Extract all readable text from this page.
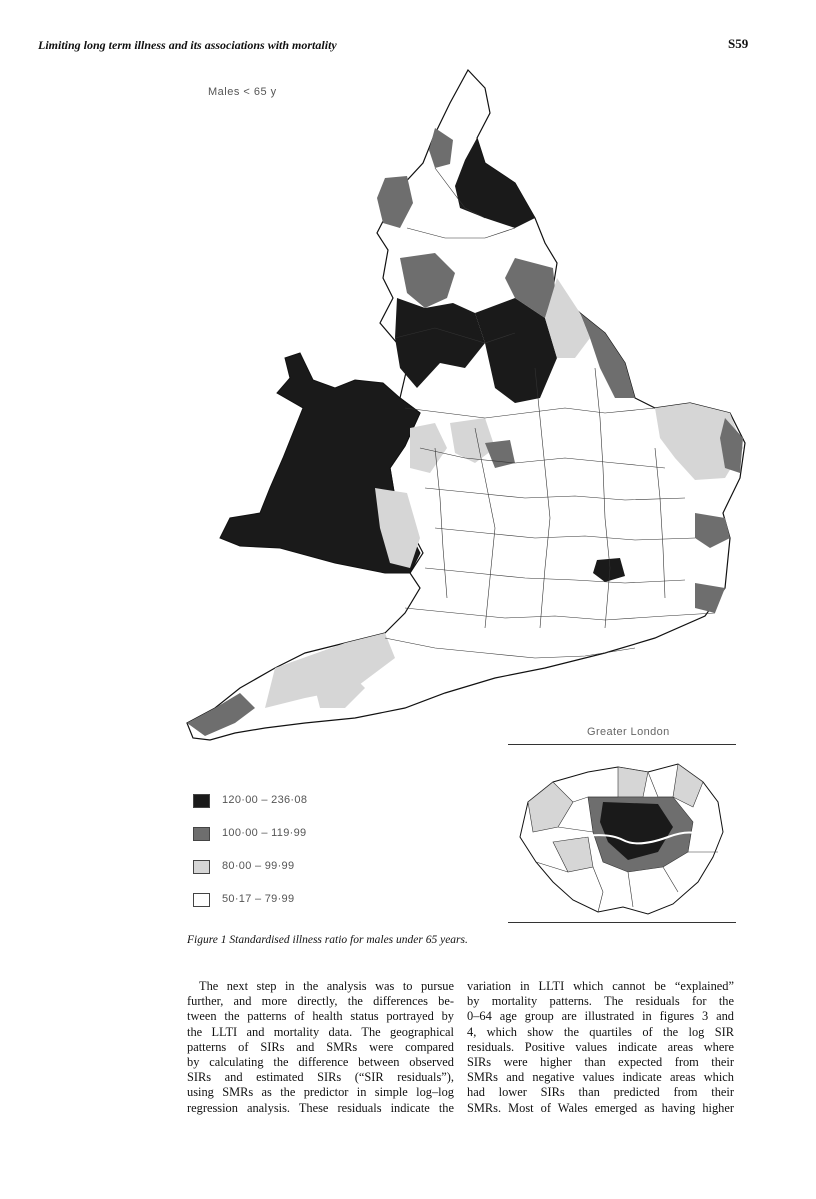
Limiting long term illness and its associations with mortality	S59
Males < 65 y
Greater London
120·00 – 236·08
100·00 – 119·99
80·00 – 99·99
50·17 – 79·99
Figure 1 Standardised illness ratio for males under 65 years.
The next step in the analysis was to pursue
further, and more directly, the differences be-
tween the patterns of health status portrayed by
the LLTI and mortality data. The geographical
patterns of SIRs and SMRs were compared
by calculating the difference between observed
SIRs and estimated SIRs (“SIR residuals”),
using SMRs as the predictor in simple log–log
regression analysis. These residuals indicate the
variation in LLTI which cannot be “explained”
by mortality patterns. The residuals for the
0–64 age group are illustrated in figures 3 and
4, which show the quartiles of the log SIR
residuals. Positive values indicate areas where
SIRs were higher than expected from their
SMRs and negative values indicate areas which
had lower SIRs than predicted from their
SMRs. Most of Wales emerged as having higher
